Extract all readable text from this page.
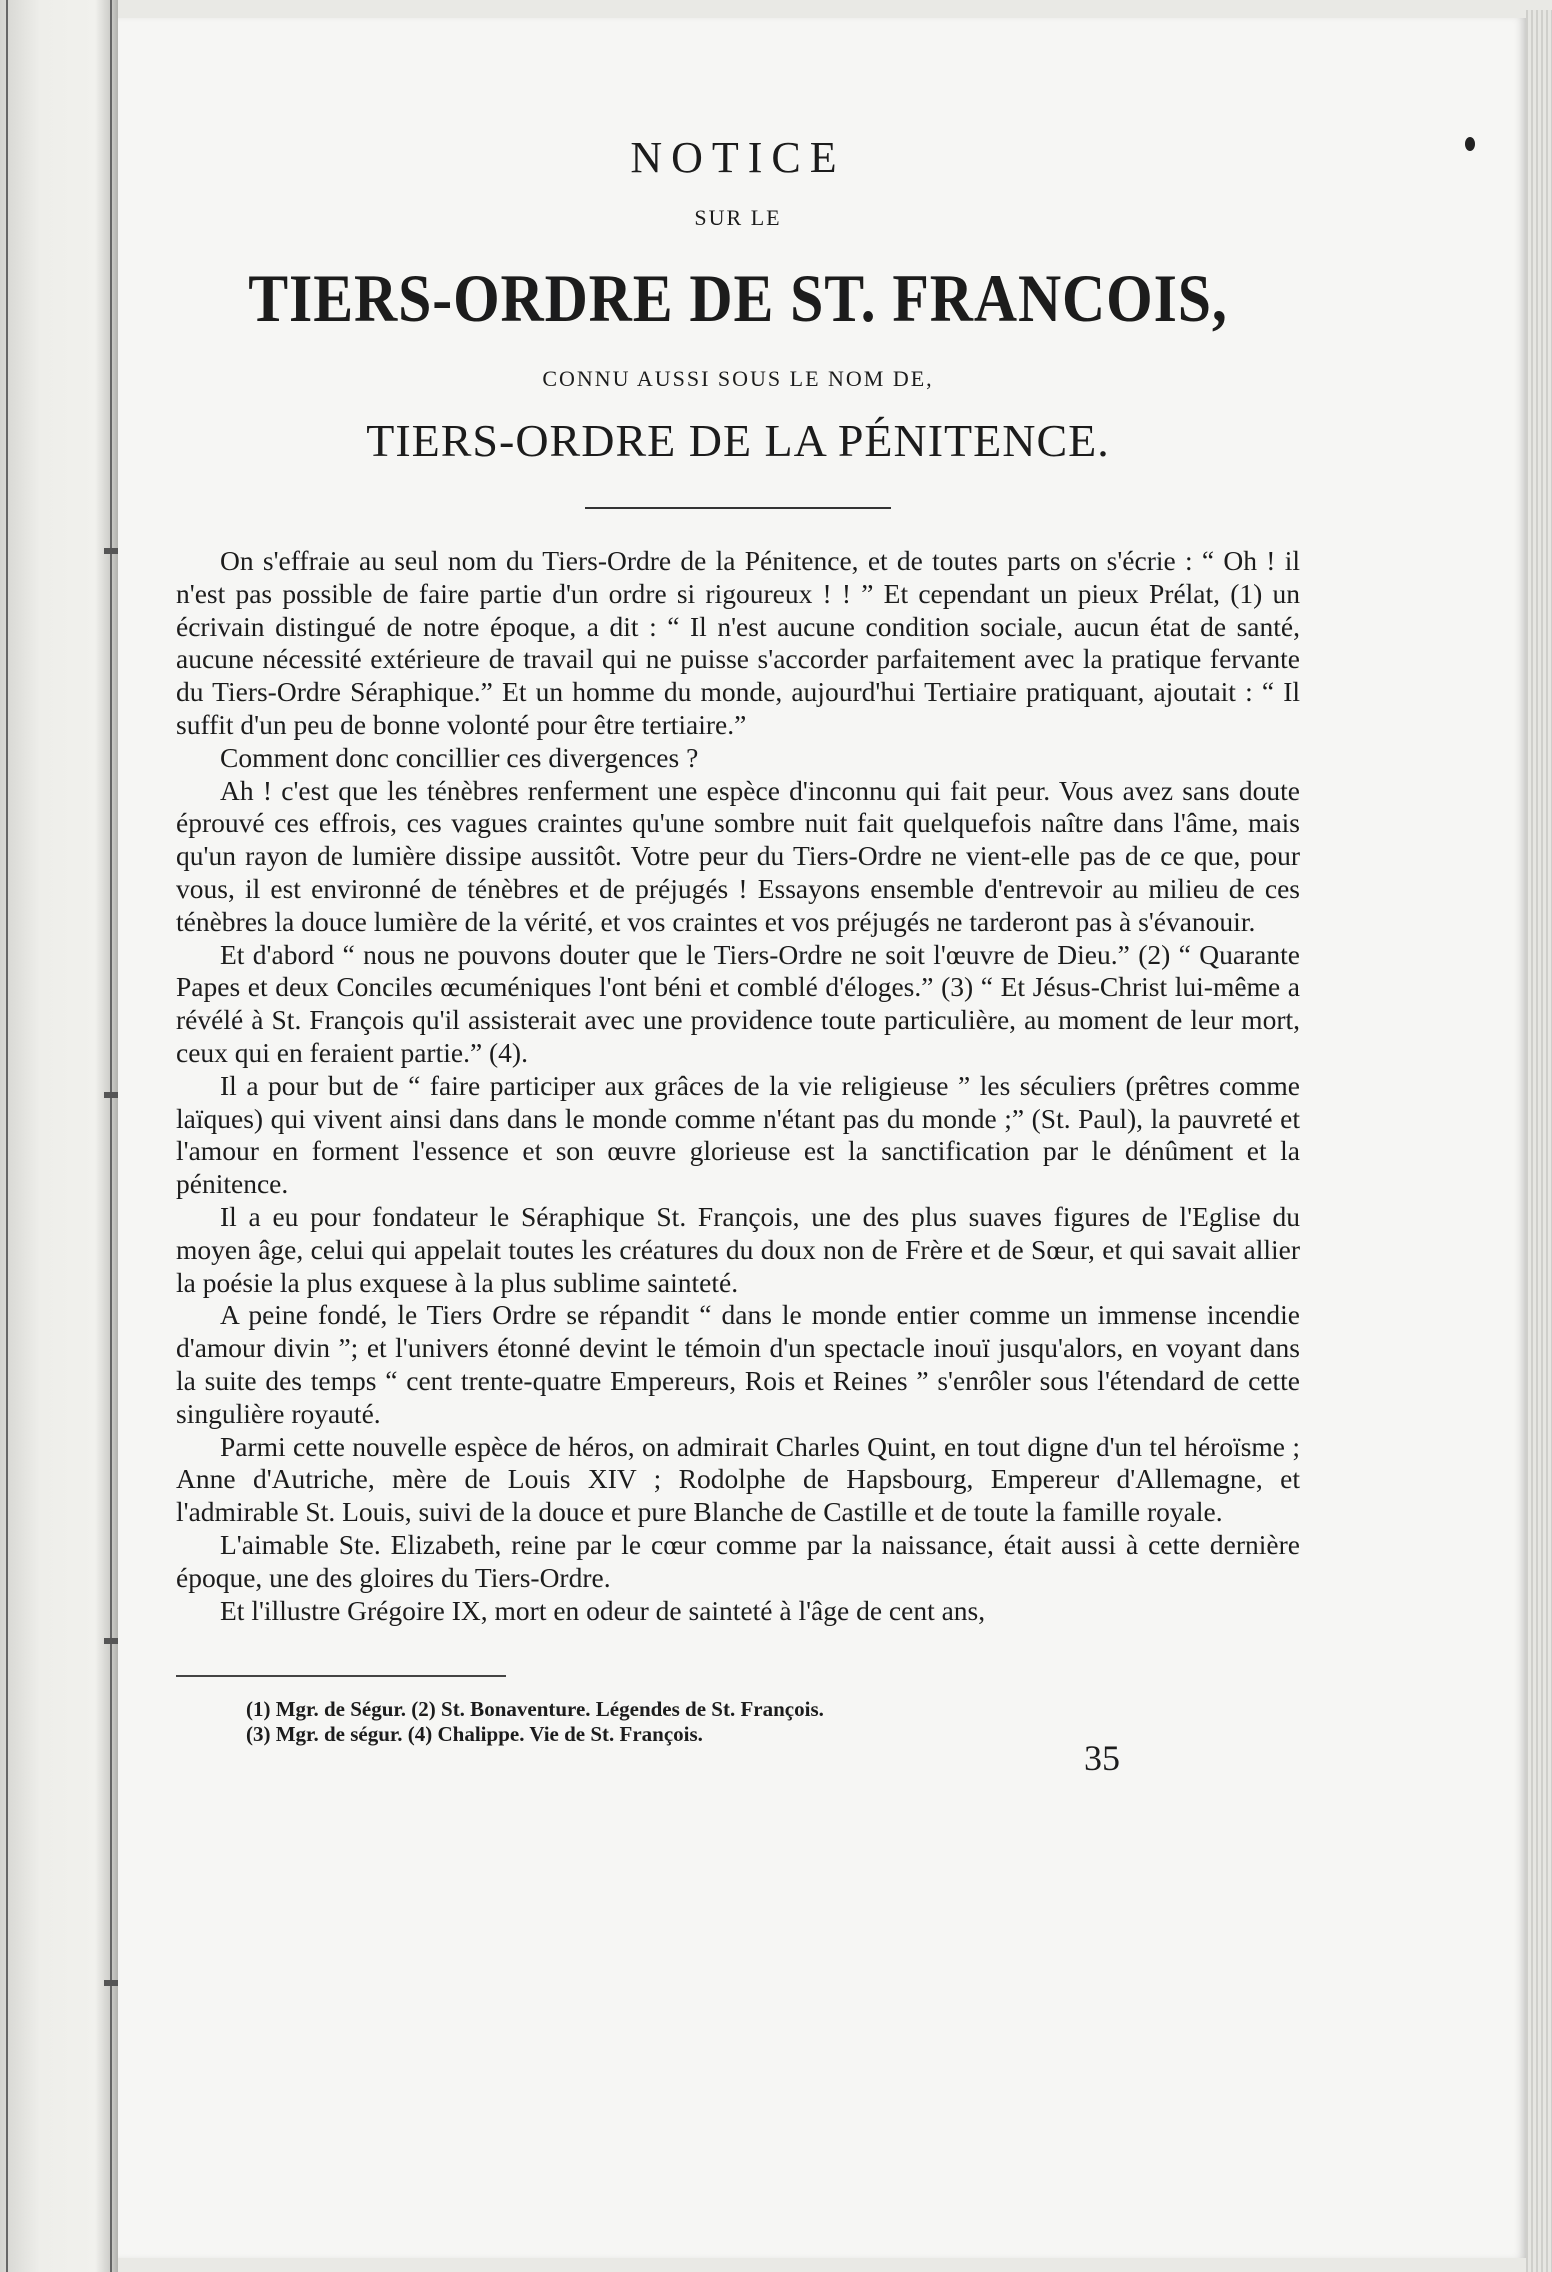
NOTICE
SUR LE
TIERS-ORDRE DE ST. FRANCOIS,
CONNU AUSSI SOUS LE NOM DE,
TIERS-ORDRE DE LA PÉNITENCE.

On s'effraie au seul nom du Tiers-Ordre de la Pénitence, et de toutes parts on s'écrie : “ Oh ! il n'est pas possible de faire partie d'un ordre si rigoureux ! ! ” Et cependant un pieux Prélat, (1) un écrivain distingué de notre époque, a dit : “ Il n'est aucune condition sociale, aucun état de santé, aucune nécessité extérieure de travail qui ne puisse s'accorder parfaitement avec la pratique fervante du Tiers-Ordre Séraphique.” Et un homme du monde, aujourd'hui Tertiaire pratiquant, ajoutait : “ Il suffit d'un peu de bonne volonté pour être tertiaire.”

Comment donc concillier ces divergences ?

Ah ! c'est que les ténèbres renferment une espèce d'inconnu qui fait peur. Vous avez sans doute éprouvé ces effrois, ces vagues craintes qu'une sombre nuit fait quelquefois naître dans l'âme, mais qu'un rayon de lumière dissipe aussitôt. Votre peur du Tiers-Ordre ne vient-elle pas de ce que, pour vous, il est environné de ténèbres et de préjugés ! Essayons ensemble d'entrevoir au milieu de ces ténèbres la douce lumière de la vérité, et vos craintes et vos préjugés ne tarderont pas à s'évanouir.

Et d'abord “ nous ne pouvons douter que le Tiers-Ordre ne soit l'œuvre de Dieu.” (2) “ Quarante Papes et deux Conciles œcuméniques l'ont béni et comblé d'éloges.” (3) “ Et Jésus-Christ lui-même a révélé à St. François qu'il assisterait avec une providence toute particulière, au moment de leur mort, ceux qui en feraient partie.” (4).

Il a pour but de “ faire participer aux grâces de la vie religieuse ” les séculiers (prêtres comme laïques) qui vivent ainsi dans dans le monde comme n'étant pas du monde ;” (St. Paul), la pauvreté et l'amour en forment l'essence et son œuvre glorieuse est la sanctification par le dénûment et la pénitence.

Il a eu pour fondateur le Séraphique St. François, une des plus suaves figures de l'Eglise du moyen âge, celui qui appelait toutes les créatures du doux non de Frère et de Sœur, et qui savait allier la poésie la plus exquese à la plus sublime sainteté.

A peine fondé, le Tiers Ordre se répandit “ dans le monde entier comme un immense incendie d'amour divin ”; et l'univers étonné devint le témoin d'un spectacle inouï jusqu'alors, en voyant dans la suite des temps “ cent trente-quatre Empereurs, Rois et Reines ” s'enrôler sous l'étendard de cette singulière royauté.

Parmi cette nouvelle espèce de héros, on admirait Charles Quint, en tout digne d'un tel héroïsme ; Anne d'Autriche, mère de Louis XIV ; Rodolphe de Hapsbourg, Empereur d'Allemagne, et l'admirable St. Louis, suivi de la douce et pure Blanche de Castille et de toute la famille royale.

L'aimable Ste. Elizabeth, reine par le cœur comme par la naissance, était aussi à cette dernière époque, une des gloires du Tiers-Ordre.

Et l'illustre Grégoire IX, mort en odeur de sainteté à l'âge de cent ans,

(1) Mgr. de Ségur. (2) St. Bonaventure. Légendes de St. François.
(3) Mgr. de ségur. (4) Chalippe. Vie de St. François.
35
